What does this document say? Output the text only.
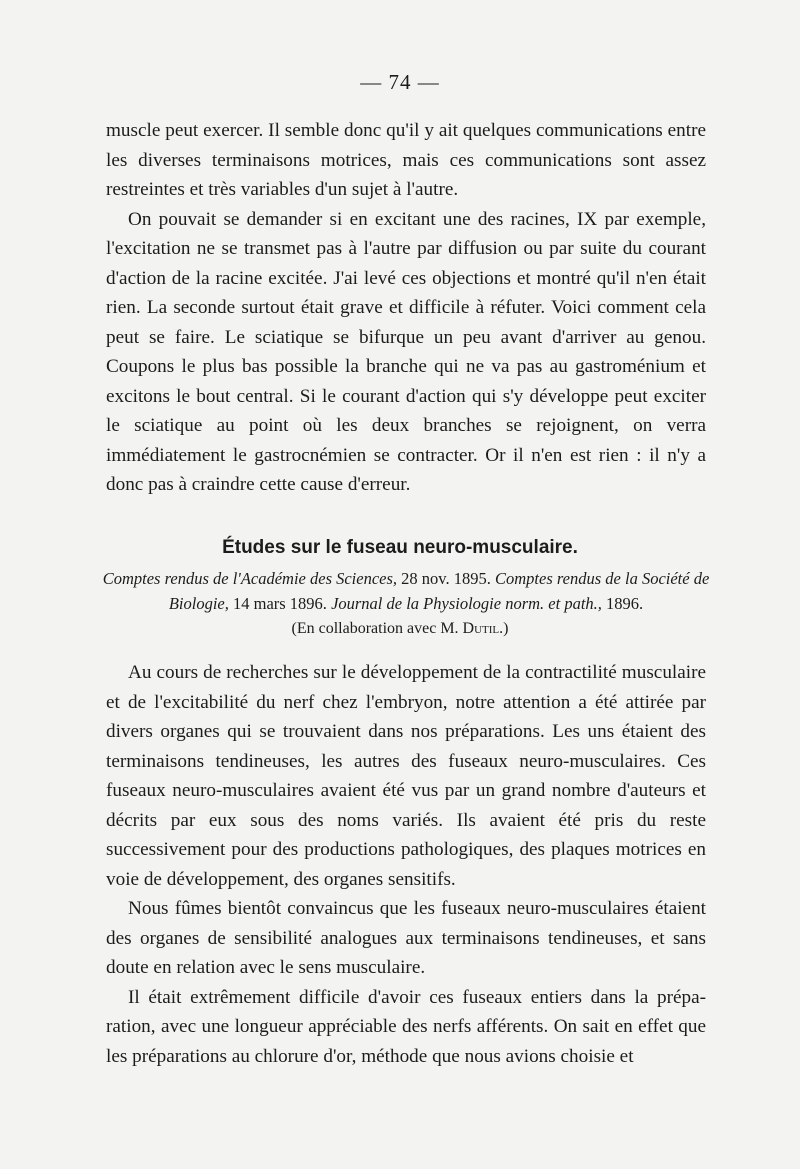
— 74 —

muscle peut exercer. Il semble donc qu'il y ait quelques communications entre les diverses terminaisons motrices, mais ces communications sont assez restreintes et très variables d'un sujet à l'autre.

On pouvait se demander si en excitant une des racines, IX par exemple, l'excitation ne se transmet pas à l'autre par diffusion ou par suite du courant d'action de la racine excitée. J'ai levé ces objections et montré qu'il n'en était rien. La seconde surtout était grave et difficile à réfuter. Voici comment cela peut se faire. Le sciatique se bifurque un peu avant d'arriver au genou. Coupons le plus bas possible la branche qui ne va pas au gastroménium et excitons le bout central. Si le courant d'action qui s'y développe peut exciter le sciatique au point où les deux branches se rejoignent, on verra immédiatement le gastrocnémien se contracter. Or il n'en est rien : il n'y a donc pas à craindre cette cause d'erreur.

Études sur le fuseau neuro-musculaire.
Comptes rendus de l'Académie des Sciences, 28 nov. 1895. Comptes rendus de la Société de Biologie, 14 mars 1896. Journal de la Physiologie norm. et path., 1896.
(En collaboration avec M. Dutil.)

Au cours de recherches sur le développement de la contractilité musculaire et de l'excitabilité du nerf chez l'embryon, notre attention a été attirée par divers organes qui se trouvaient dans nos préparations. Les uns étaient des terminaisons tendineuses, les autres des fuseaux neuro-musculaires. Ces fuseaux neuro-musculaires avaient été vus par un grand nombre d'auteurs et décrits par eux sous des noms variés. Ils avaient été pris du reste successivement pour des productions pathologiques, des plaques motrices en voie de développement, des organes sensitifs.

Nous fûmes bientôt convaincus que les fuseaux neuro-musculaires étaient des organes de sensibilité analogues aux terminaisons tendineuses, et sans doute en relation avec le sens musculaire.

Il était extrêmement difficile d'avoir ces fuseaux entiers dans la préparation, avec une longueur appréciable des nerfs afférents. On sait en effet que les préparations au chlorure d'or, méthode que nous avions choisie et
